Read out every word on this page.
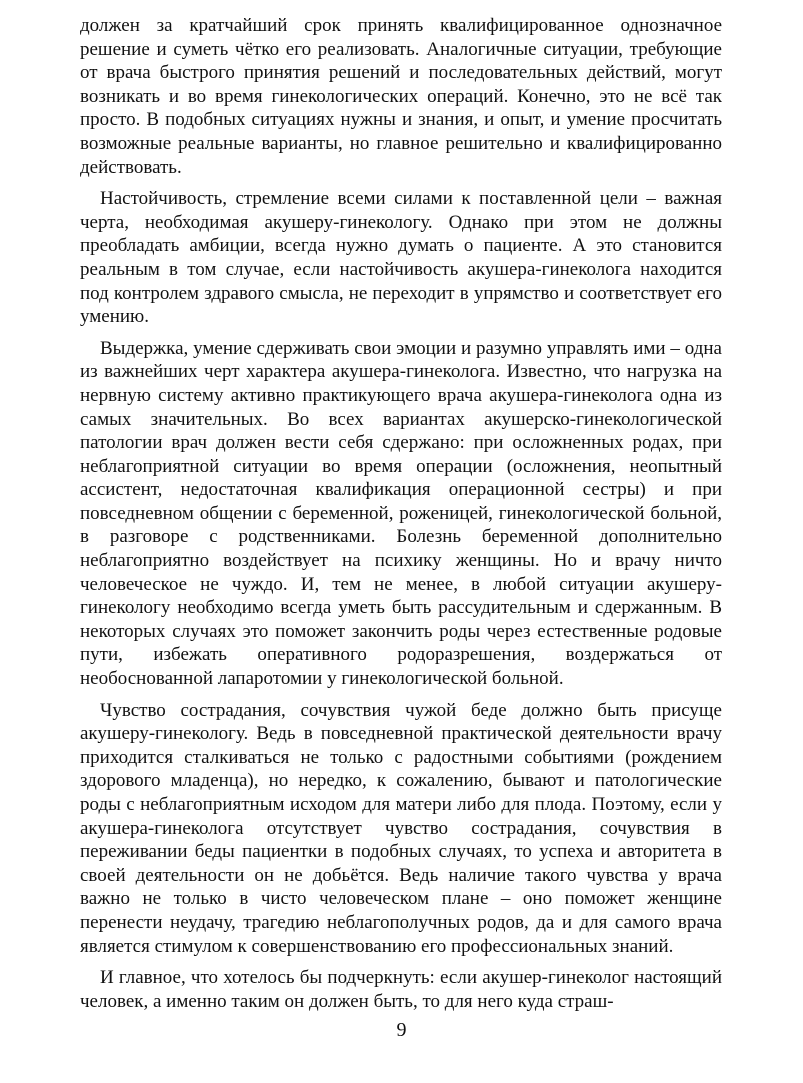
должен за кратчайший срок принять квалифицированное однозначное решение и суметь чётко его реализовать. Аналогичные ситуации, требующие от врача быстрого принятия решений и последовательных действий, могут возникать и во время гинекологических операций. Конечно, это не всё так просто. В подобных ситуациях нужны и знания, и опыт, и умение просчитать возможные реальные варианты, но главное решительно и квалифицированно действовать.

Настойчивость, стремление всеми силами к поставленной цели – важная черта, необходимая акушеру-гинекологу. Однако при этом не должны преобладать амбиции, всегда нужно думать о пациенте. А это становится реальным в том случае, если настойчивость акушера-гинеколога находится под контролем здравого смысла, не переходит в упрямство и соответствует его умению.

Выдержка, умение сдерживать свои эмоции и разумно управлять ими – одна из важнейших черт характера акушера-гинеколога. Известно, что нагрузка на нервную систему активно практикующего врача акушера-гинеколога одна из самых значительных. Во всех вариантах акушерско-гинекологической патологии врач должен вести себя сдержано: при осложненных родах, при неблагоприятной ситуации во время операции (осложнения, неопытный ассистент, недостаточная квалификация операционной сестры) и при повседневном общении с беременной, роженицей, гинекологической больной, в разговоре с родственниками. Болезнь беременной дополнительно неблагоприятно воздействует на психику женщины. Но и врачу ничто человеческое не чуждо. И, тем не менее, в любой ситуации акушеру-гинекологу необходимо всегда уметь быть рассудительным и сдержанным. В некоторых случаях это поможет закончить роды через естественные родовые пути, избежать оперативного родоразрешения, воздержаться от необоснованной лапаротомии у гинекологической больной.

Чувство сострадания, сочувствия чужой беде должно быть присуще акушеру-гинекологу. Ведь в повседневной практической деятельности врачу приходится сталкиваться не только с радостными событиями (рождением здорового младенца), но нередко, к сожалению, бывают и патологические роды с неблагоприятным исходом для матери либо для плода. Поэтому, если у акушера-гинеколога отсутствует чувство сострадания, сочувствия в переживании беды пациентки в подобных случаях, то успеха и авторитета в своей деятельности он не добьётся. Ведь наличие такого чувства у врача важно не только в чисто человеческом плане – оно поможет женщине перенести неудачу, трагедию неблагополучных родов, да и для самого врача является стимулом к совершенствованию его профессиональных знаний.

И главное, что хотелось бы подчеркнуть: если акушер-гинеколог настоящий человек, а именно таким он должен быть, то для него куда страш-

9
